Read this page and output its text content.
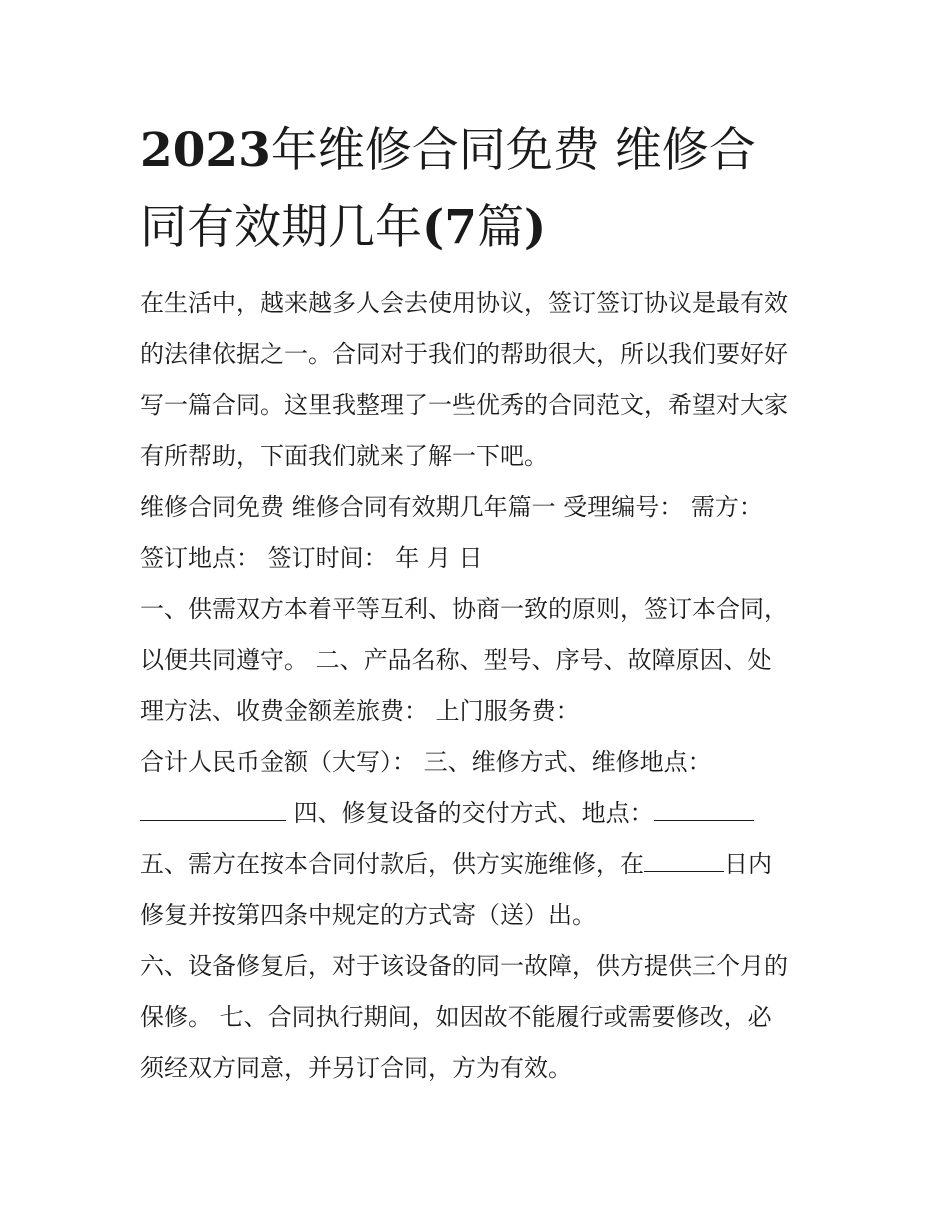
2023年维修合同免费 维修合
同有效期几年(7篇)
在生活中，越来越多人会去使用协议，签订签订协议是最有效
的法律依据之一。合同对于我们的帮助很大，所以我们要好好
写一篇合同。这里我整理了一些优秀的合同范文，希望对大家
有所帮助，下面我们就来了解一下吧。
维修合同免费 维修合同有效期几年篇一 受理编号： 需方：
签订地点： 签订时间： 年 月 日
一、供需双方本着平等互利、协商一致的原则，签订本合同，
以便共同遵守。 二、产品名称、型号、序号、故障原因、处
理方法、收费金额差旅费： 上门服务费：
合计人民币金额（大写）： 三、维修方式、维修地点：
四、修复设备的交付方式、地点：
五、需方在按本合同付款后，供方实施维修，在	日内
修复并按第四条中规定的方式寄（送）出。
六、设备修复后，对于该设备的同一故障，供方提供三个月的
保修。 七、合同执行期间，如因故不能履行或需要修改，必
须经双方同意，并另订合同，方为有效。
